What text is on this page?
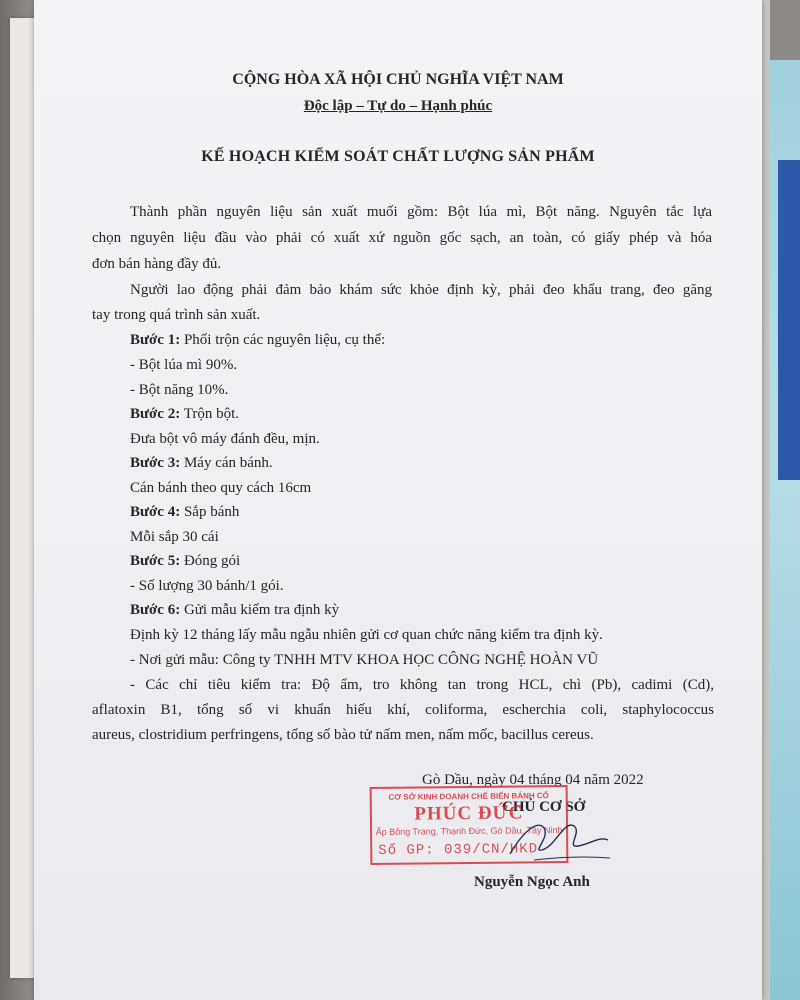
CỘNG HÒA XÃ HỘI CHỦ NGHĨA VIỆT NAM
Độc lập – Tự do – Hạnh phúc
KẾ HOẠCH KIỂM SOÁT CHẤT LƯỢNG SẢN PHẨM
Thành phần nguyên liệu sản xuất muối gồm: Bột lúa mì, Bột năng. Nguyên tắc lựa
chọn nguyên liệu đầu vào phải có xuất xứ nguồn gốc sạch, an toàn, có giấy phép và hóa
đơn bán hàng đầy đủ.
Người lao động phải đảm bảo khám sức khỏe định kỳ, phải đeo khẩu trang, đeo găng
tay trong quá trình sản xuất.
Bước 1: Phối trộn các nguyên liệu, cụ thể:
- Bột lúa mì 90%.
- Bột năng 10%.
Bước 2: Trộn bột.
Đưa bột vô máy đánh đều, mịn.
Bước 3: Máy cán bánh.
Cán bánh theo quy cách 16cm
Bước 4: Sắp bánh
Mỗi sắp 30 cái
Bước 5: Đóng gói
- Số lượng 30 bánh/1 gói.
Bước 6: Gửi mẫu kiểm tra định kỳ
Định kỳ 12 tháng lấy mẫu ngẫu nhiên gửi cơ quan chức năng kiểm tra định kỳ.
- Nơi gửi mẫu: Công ty TNHH MTV KHOA HỌC CÔNG NGHỆ HOÀN VŨ
- Các chỉ tiêu kiểm tra: Độ ẩm, tro không tan trong HCL, chì (Pb), cadimi (Cd),
aflatoxin B1, tổng số vi khuẩn hiếu khí, coliforma, escherchia coli, staphylococcus
aureus, clostridium perfringens, tổng số bào tử nấm men, nấm mốc, bacillus cereus.
Gò Dầu, ngày 04 tháng 04 năm 2022
CHỦ CƠ SỞ
CƠ SỞ KINH DOANH CHẾ BIẾN BÁNH CỐ
PHÚC ĐỨC
Ấp Bông Trang, Thạnh Đức, Gò Dầu, Tây Ninh
Số GP: 039/CN/HKD
Nguyễn Ngọc Anh
